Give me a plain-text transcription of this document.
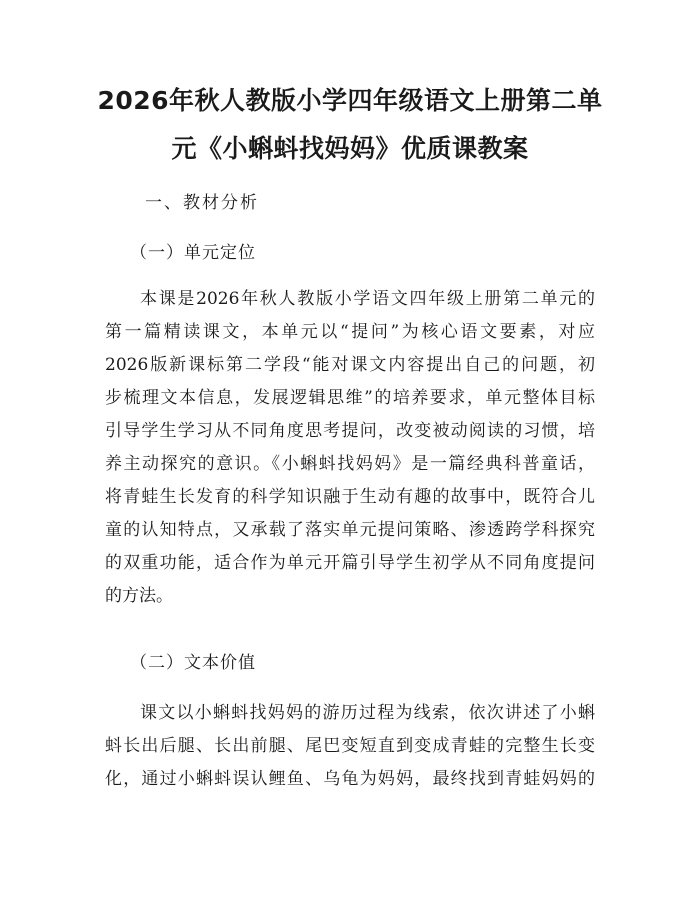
2026年秋人教版小学四年级语文上册第二单
元《小蝌蚪找妈妈》优质课教案
一、教材分析
（一）单元定位
本课是2026年秋人教版小学语文四年级上册第二单元的
第一篇精读课文，本单元以“提问”为核心语文要素，对应
2026版新课标第二学段“能对课文内容提出自己的问题，初
步梳理文本信息，发展逻辑思维”的培养要求，单元整体目标
引导学生学习从不同角度思考提问，改变被动阅读的习惯，培
养主动探究的意识。《小蝌蚪找妈妈》是一篇经典科普童话，
将青蛙生长发育的科学知识融于生动有趣的故事中，既符合儿
童的认知特点，又承载了落实单元提问策略、渗透跨学科探究
的双重功能，适合作为单元开篇引导学生初学从不同角度提问
的方法。
（二）文本价值
课文以小蝌蚪找妈妈的游历过程为线索，依次讲述了小蝌
蚪长出后腿、长出前腿、尾巴变短直到变成青蛙的完整生长变
化，通过小蝌蚪误认鲤鱼、乌龟为妈妈，最终找到青蛙妈妈的
